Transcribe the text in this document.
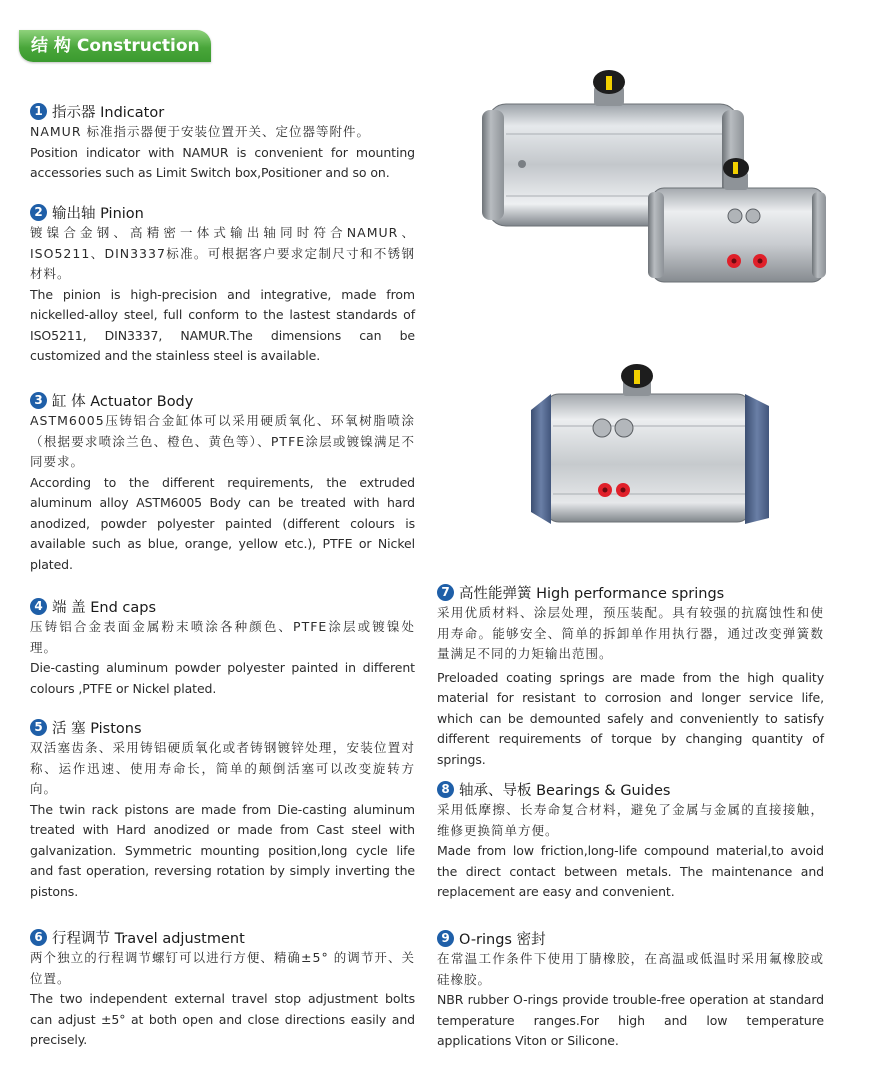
结 构 Construction
1 指示器 Indicator

NAMUR 标准指示器便于安装位置开关、定位器等附件。

Position indicator with NAMUR is convenient for mounting accessories such as Limit Switch box,Positioner and so on.

2 输出轴 Pinion

镀镍合金钢、高精密一体式输出轴同时符合NAMUR、ISO5211、DIN3337标准。可根据客户要求定制尺寸和不锈钢材料。

The pinion is high-precision and integrative, made from nickelled-alloy steel, full conform to the lastest standards of ISO5211, DIN3337, NAMUR.The dimensions can be customized and the stainless steel is available.

3 缸 体 Actuator Body

ASTM6005压铸铝合金缸体可以采用硬质氧化、环氧树脂喷涂（根据要求喷涂兰色、橙色、黄色等）、PTFE涂层或镀镍满足不同要求。

According to the different requirements, the extruded aluminum alloy ASTM6005 Body can be treated with hard anodized, powder polyester painted (different colours is available such as blue, orange, yellow etc.), PTFE or Nickel plated.

4 端 盖 End caps

压铸铝合金表面金属粉末喷涂各种颜色、PTFE涂层或镀镍处理。

Die-casting aluminum powder polyester painted in different colours ,PTFE or Nickel plated.

5 活 塞 Pistons

双活塞齿条、采用铸铝硬质氧化或者铸钢镀锌处理，安装位置对称、运作迅速、使用寿命长，简单的颠倒活塞可以改变旋转方向。

The twin rack pistons are made from Die-casting aluminum treated with Hard anodized or made from Cast steel with galvanization. Symmetric mounting position,long cycle life and fast operation, reversing rotation by simply inverting the pistons.

6 行程调节 Travel adjustment

两个独立的行程调节螺钉可以进行方便、精确±5° 的调节开、关位置。

The two independent external travel stop adjustment bolts can adjust ±5° at both open and close directions easily and precisely.

7 高性能弹簧 High performance springs

采用优质材料、涂层处理，预压装配。具有较强的抗腐蚀性和使用寿命。能够安全、简单的拆卸单作用执行器，通过改变弹簧数量满足不同的力矩输出范围。

Preloaded coating springs are made from the high quality material for resistant to corrosion and longer service life, which can be demounted safely and conveniently to satisfy different requirements of torque by changing quantity of springs.

8 轴承、导板 Bearings & Guides

采用低摩擦、长寿命复合材料，避免了金属与金属的直接接触，维修更换简单方便。

Made from low friction,long-life compound material,to avoid the direct contact between metals. The maintenance and replacement are easy and convenient.

9 O-rings 密封

在常温工作条件下使用丁腈橡胶，在高温或低温时采用氟橡胶或硅橡胶。

NBR rubber O-rings provide trouble-free operation at standard temperature ranges.For high and low temperature applications Viton or Silicone.
